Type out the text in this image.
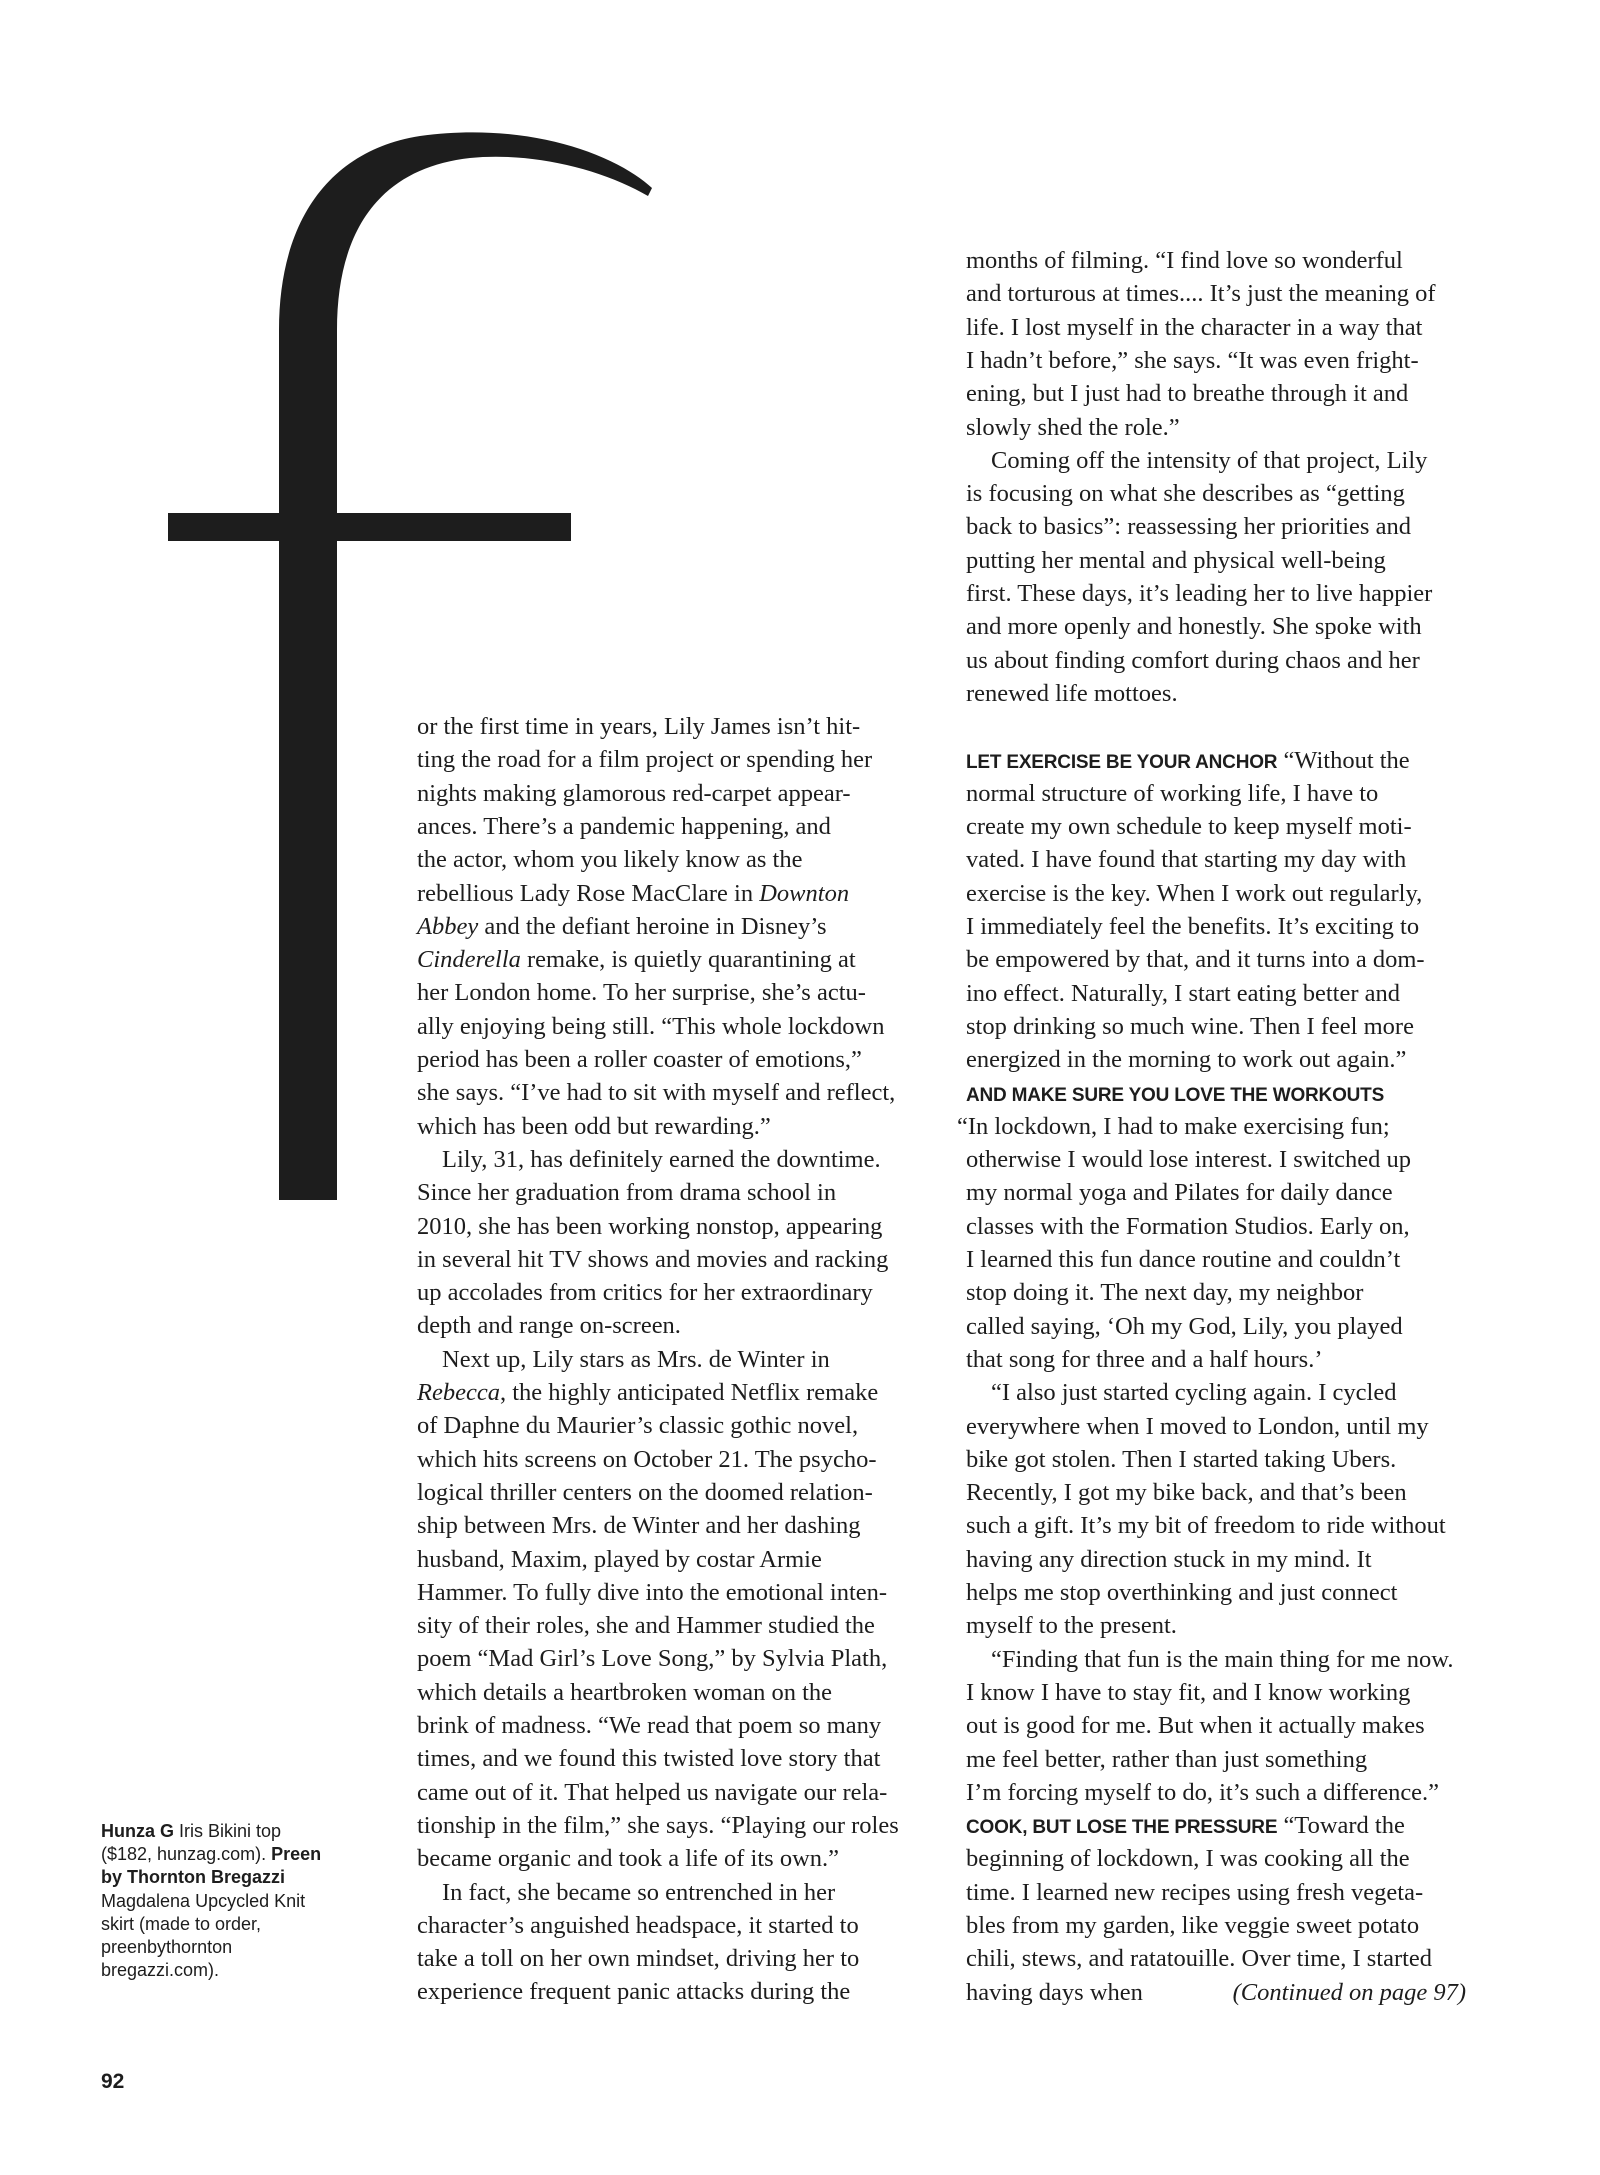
or the first time in years, Lily James isn’t hit-
ting the road for a film project or spending her
nights making glamorous red-carpet appear-
ances. There’s a pandemic happening, and
the actor, whom you likely know as the
rebellious Lady Rose MacClare in Downton
Abbey and the defiant heroine in Disney’s
Cinderella remake, is quietly quarantining at
her London home. To her surprise, she’s actu-
ally enjoying being still. “This whole lockdown
period has been a roller coaster of emotions,”
she says. “I’ve had to sit with myself and reflect,
which has been odd but rewarding.”
Lily, 31, has definitely earned the downtime.
Since her graduation from drama school in
2010, she has been working nonstop, appearing
in several hit TV shows and movies and racking
up accolades from critics for her extraordinary
depth and range on-screen.
Next up, Lily stars as Mrs. de Winter in
Rebecca, the highly anticipated Netflix remake
of Daphne du Maurier’s classic gothic novel,
which hits screens on October 21. The psycho-
logical thriller centers on the doomed relation-
ship between Mrs. de Winter and her dashing
husband, Maxim, played by costar Armie
Hammer. To fully dive into the emotional inten-
sity of their roles, she and Hammer studied the
poem “Mad Girl’s Love Song,” by Sylvia Plath,
which details a heartbroken woman on the
brink of madness. “We read that poem so many
times, and we found this twisted love story that
came out of it. That helped us navigate our rela-
tionship in the film,” she says. “Playing our roles
became organic and took a life of its own.”
In fact, she became so entrenched in her
character’s anguished headspace, it started to
take a toll on her own mindset, driving her to
experience frequent panic attacks during the
months of filming. “I find love so wonderful
and torturous at times.... It’s just the meaning of
life. I lost myself in the character in a way that
I hadn’t before,” she says. “It was even fright-
ening, but I just had to breathe through it and
slowly shed the role.”
Coming off the intensity of that project, Lily
is focusing on what she describes as “getting
back to basics”: reassessing her priorities and
putting her mental and physical well-being
first. These days, it’s leading her to live happier
and more openly and honestly. She spoke with
us about finding comfort during chaos and her
renewed life mottoes.
LET EXERCISE BE YOUR ANCHOR “Without the
normal structure of working life, I have to
create my own schedule to keep myself moti-
vated. I have found that starting my day with
exercise is the key. When I work out regularly,
I immediately feel the benefits. It’s exciting to
be empowered by that, and it turns into a dom-
ino effect. Naturally, I start eating better and
stop drinking so much wine. Then I feel more
energized in the morning to work out again.”
AND MAKE SURE YOU LOVE THE WORKOUTS
“In lockdown, I had to make exercising fun;
otherwise I would lose interest. I switched up
my normal yoga and Pilates for daily dance
classes with the Formation Studios. Early on,
I learned this fun dance routine and couldn’t
stop doing it. The next day, my neighbor
called saying, ‘Oh my God, Lily, you played
that song for three and a half hours.’
“I also just started cycling again. I cycled
everywhere when I moved to London, until my
bike got stolen. Then I started taking Ubers.
Recently, I got my bike back, and that’s been
such a gift. It’s my bit of freedom to ride without
having any direction stuck in my mind. It
helps me stop overthinking and just connect
myself to the present.
“Finding that fun is the main thing for me now.
I know I have to stay fit, and I know working
out is good for me. But when it actually makes
me feel better, rather than just something
I’m forcing myself to do, it’s such a difference.”
COOK, BUT LOSE THE PRESSURE “Toward the
beginning of lockdown, I was cooking all the
time. I learned new recipes using fresh vegeta-
bles from my garden, like veggie sweet potato
chili, stews, and ratatouille. Over time, I started
having days when	(Continued on page 97)
Hunza G Iris Bikini top ($182, hunzag.com). Preen by Thornton Bregazzi Magdalena Upcycled Knit skirt (made to order, preenbythornton bregazzi.com).
92
